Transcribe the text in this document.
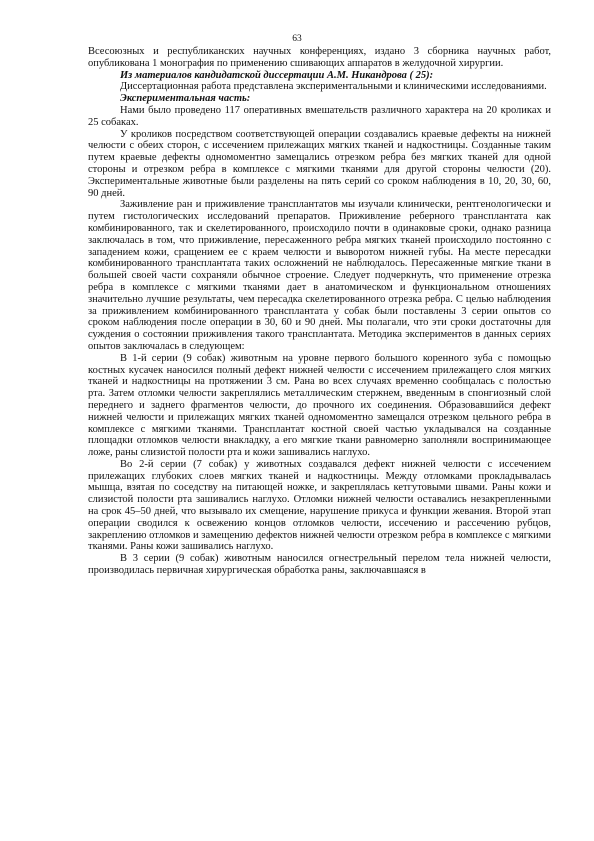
63

Всесоюзных и республиканских научных конференциях, издано 3 сборника научных работ, опубликована 1 монография по применению сшивающих аппаратов в желудочной хирургии.

Из материалов кандидатской диссертации А.М. Никандрова ( 25):

Диссертационная работа представлена экспериментальными и клиническими исследованиями.

Экспериментальная часть:

Нами было проведено 117 оперативных вмешательств различного характера на 20 кроликах и 25 собаках.

У кроликов посредством соответствующей операции создавались краевые дефекты на нижней челюсти с обеих сторон, с иссечением прилежащих мягких тканей и надкостницы. Созданные таким путем краевые дефекты одномоментно замещались отрезком ребра без мягких тканей для одной стороны и отрезком ребра в комплексе с мягкими тканями для другой стороны челюсти (20). Экспериментальные животные были разделены на пять серий со сроком наблюдения в 10, 20, 30, 60, 90 дней.

Заживление ран и приживление трансплантатов мы изучали клинически, рентгенологически и путем гистологических исследований препаратов. Приживление реберного трансплантата как комбинированного, так и скелетированного, происходило почти в одинаковые сроки, однако разница заключалась в том, что приживление, пересаженного ребра мягких тканей происходило постоянно с западением кожи, сращением ее с краем челюсти и выворотом нижней губы. На месте пересадки комбинированного трансплантата таких осложнений не наблюдалось. Пересаженные мягкие ткани в большей своей части сохраняли обычное строение. Следует подчеркнуть, что применение отрезка ребра в комплексе с мягкими тканями дает в анатомическом и функциональном отношениях значительно лучшие результаты, чем пересадка скелетированного отрезка ребра. С целью наблюдения за приживлением комбинированного трансплантата у собак были поставлены 3 серии опытов со сроком наблюдения после операции в 30, 60 и 90 дней. Мы полагали, что эти сроки достаточны для суждения о состоянии приживления такого трансплантата. Методика экспериментов в данных сериях опытов заключалась в следующем:

В 1-й серии (9 собак) животным на уровне первого большого коренного зуба с помощью костных кусачек наносился полный дефект нижней челюсти с иссечением прилежащего слоя мягких тканей и надкостницы на протяжении 3 см. Рана во всех случаях временно сообщалась с полостью рта. Затем отломки челюсти закреплялись металлическим стержнем, введенным в спонгиозный слой переднего и заднего фрагментов челюсти, до прочного их соединения. Образовавшийся дефект нижней челюсти и прилежащих мягких тканей одномоментно замещался отрезком цельного ребра в комплексе с мягкими тканями. Трансплантат костной своей частью укладывался на созданные площадки отломков челюсти внакладку, а его мягкие ткани равномерно заполняли воспринимающее ложе, раны слизистой полости рта и кожи зашивались наглухо.

Во 2-й серии (7 собак) у животных создавался дефект нижней челюсти с иссечением прилежащих глубоких слоев мягких тканей и надкостницы. Между отломками прокладывалась мышца, взятая по соседству на питающей ножке, и закреплялась кетгутовыми швами. Раны кожи и слизистой полости рта зашивались наглухо. Отломки нижней челюсти оставались незакрепленными на срок 45–50 дней, что вызывало их смещение, нарушение прикуса и функции жевания. Второй этап операции сводился к освежению концов отломков челюсти, иссечению и рассечению рубцов, закреплению отломков и замещению дефектов нижней челюсти отрезком ребра в комплексе с мягкими тканями. Раны кожи зашивались наглухо.

В 3 серии (9 собак) животным наносился огнестрельный перелом тела нижней челюсти, производилась первичная хирургическая обработка раны, заключавшаяся в
